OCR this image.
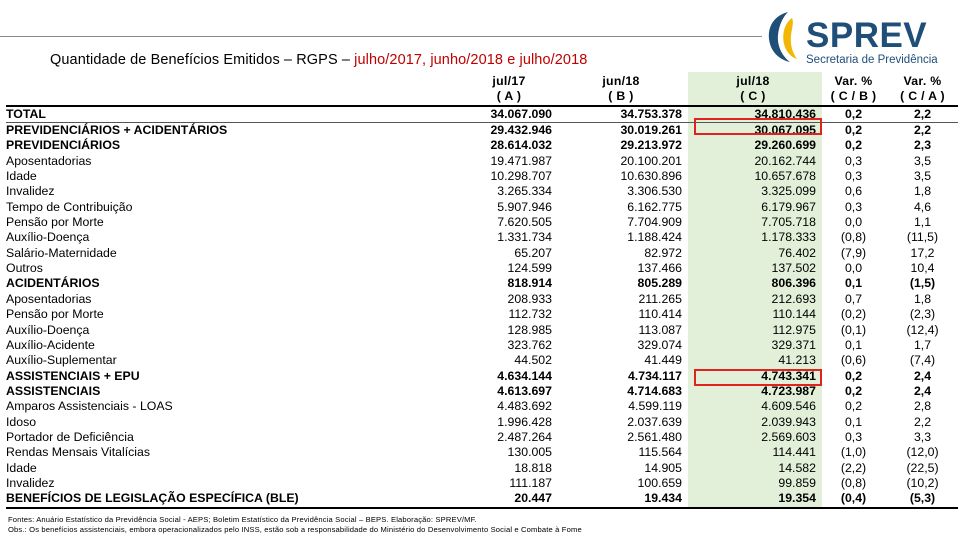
Quantidade de Benefícios Emitidos – RGPS – julho/2017, junho/2018 e julho/2018
SPREV
Secretaria de Previdência
	jul/17	jun/18	jul/18	Var. %	Var. %
	( A )	( B )	( C )	( C / B )	( C / A )
TOTAL	34.067.090	34.753.378	34.810.436	0,2	2,2
PREVIDENCIÁRIOS + ACIDENTÁRIOS	29.432.946	30.019.261	30.067.095	0,2	2,2
PREVIDENCIÁRIOS	28.614.032	29.213.972	29.260.699	0,2	2,3
Aposentadorias	19.471.987	20.100.201	20.162.744	0,3	3,5
Idade	10.298.707	10.630.896	10.657.678	0,3	3,5
Invalidez	3.265.334	3.306.530	3.325.099	0,6	1,8
Tempo de Contribuição	5.907.946	6.162.775	6.179.967	0,3	4,6
Pensão por Morte	7.620.505	7.704.909	7.705.718	0,0	1,1
Auxílio-Doença	1.331.734	1.188.424	1.178.333	(0,8)	(11,5)
Salário-Maternidade	65.207	82.972	76.402	(7,9)	17,2
Outros	124.599	137.466	137.502	0,0	10,4
ACIDENTÁRIOS	818.914	805.289	806.396	0,1	(1,5)
Aposentadorias	208.933	211.265	212.693	0,7	1,8
Pensão por Morte	112.732	110.414	110.144	(0,2)	(2,3)
Auxílio-Doença	128.985	113.087	112.975	(0,1)	(12,4)
Auxílio-Acidente	323.762	329.074	329.371	0,1	1,7
Auxílio-Suplementar	44.502	41.449	41.213	(0,6)	(7,4)
ASSISTENCIAIS + EPU	4.634.144	4.734.117	4.743.341	0,2	2,4
ASSISTENCIAIS	4.613.697	4.714.683	4.723.987	0,2	2,4
Amparos Assistenciais - LOAS	4.483.692	4.599.119	4.609.546	0,2	2,8
Idoso	1.996.428	2.037.639	2.039.943	0,1	2,2
Portador de Deficiência	2.487.264	2.561.480	2.569.603	0,3	3,3
Rendas Mensais Vitalícias	130.005	115.564	114.441	(1,0)	(12,0)
Idade	18.818	14.905	14.582	(2,2)	(22,5)
Invalidez	111.187	100.659	99.859	(0,8)	(10,2)
BENEFÍCIOS DE LEGISLAÇÃO ESPECÍFICA (BLE)	20.447	19.434	19.354	(0,4)	(5,3)
Fontes: Anuário Estatístico da Previdência Social - AEPS; Boletim Estatístico da Previdência Social – BEPS. Elaboração: SPREV/MF.
Obs.: Os benefícios assistenciais, embora operacionalizados pelo INSS, estão sob a responsabilidade do Ministério do Desenvolvimento Social e Combate à Fome
